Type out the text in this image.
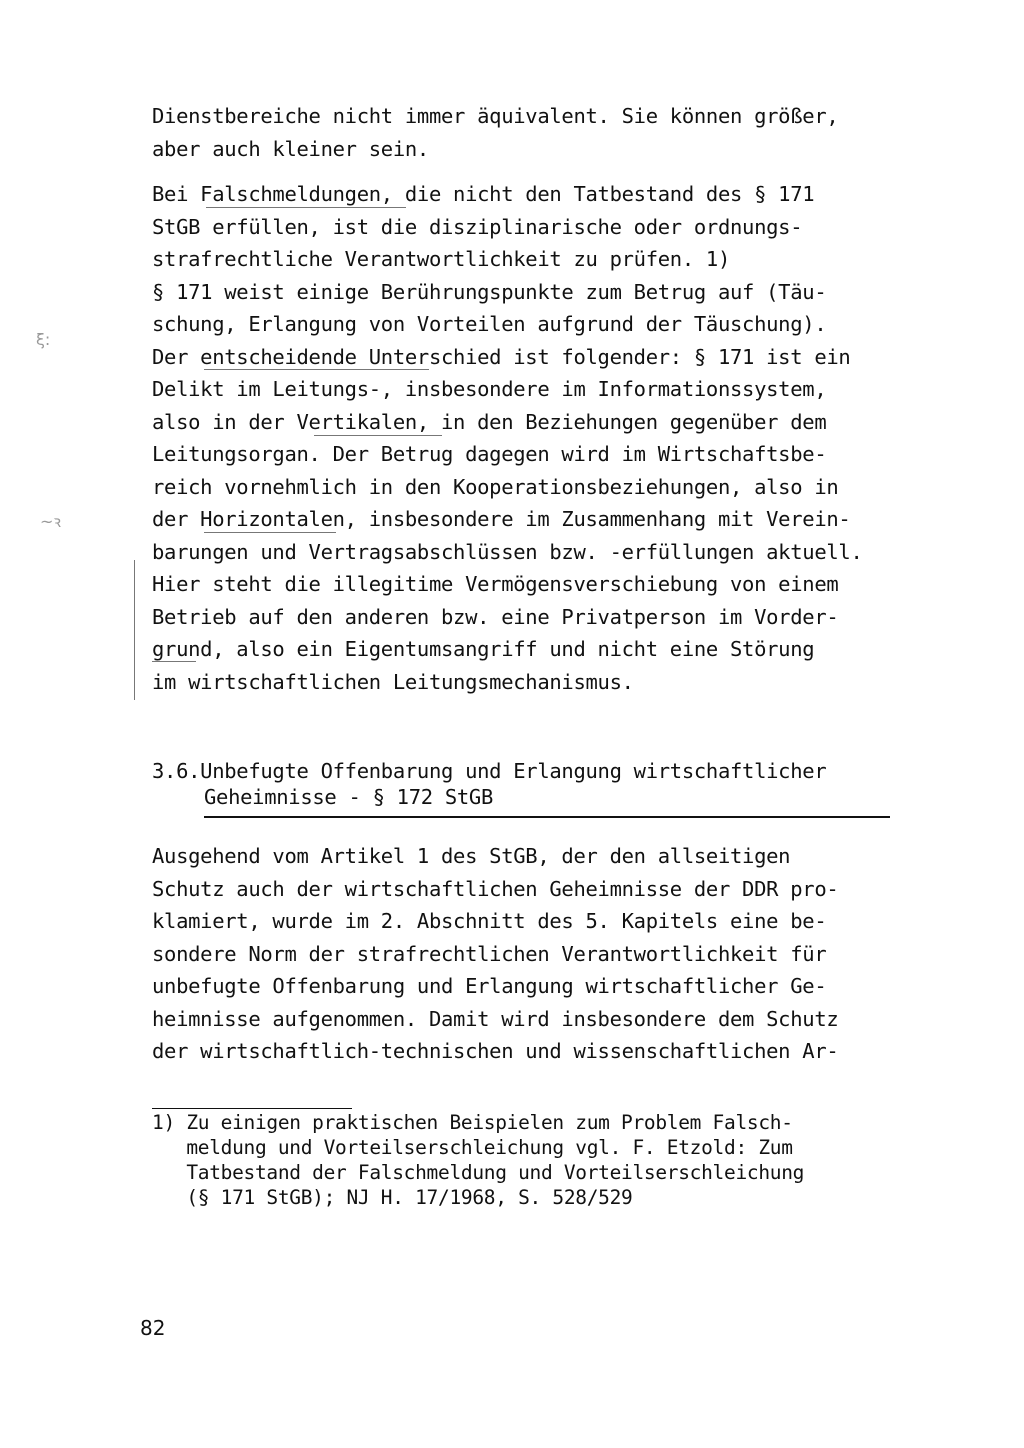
Dienstbereiche nicht immer äquivalent. Sie können größer,
aber auch kleiner sein.
Bei Falschmeldungen, die nicht den Tatbestand des § 171
StGB erfüllen, ist die disziplinarische oder ordnungs-
strafrechtliche Verantwortlichkeit zu prüfen. 1)
§ 171 weist einige Berührungspunkte zum Betrug auf (Täu-
schung, Erlangung von Vorteilen aufgrund der Täuschung).
Der entscheidende Unterschied ist folgender: § 171 ist ein
Delikt im Leitungs-, insbesondere im Informationssystem,
also in der Vertikalen, in den Beziehungen gegenüber dem
Leitungsorgan. Der Betrug dagegen wird im Wirtschaftsbe-
reich vornehmlich in den Kooperationsbeziehungen, also in
der Horizontalen, insbesondere im Zusammenhang mit Verein-
barungen und Vertragsabschlüssen bzw. -erfüllungen aktuell.
Hier steht die illegitime Vermögensverschiebung von einem
Betrieb auf den anderen bzw. eine Privatperson im Vorder-
grund, also ein Eigentumsangriff und nicht eine Störung
im wirtschaftlichen Leitungsmechanismus.
3.6.Unbefugte Offenbarung und Erlangung wirtschaftlicher
Geheimnisse - § 172 StGB
Ausgehend vom Artikel 1 des StGB, der den allseitigen
Schutz auch der wirtschaftlichen Geheimnisse der DDR pro-
klamiert, wurde im 2. Abschnitt des 5. Kapitels eine be-
sondere Norm der strafrechtlichen Verantwortlichkeit für
unbefugte Offenbarung und Erlangung wirtschaftlicher Ge-
heimnisse aufgenommen. Damit wird insbesondere dem Schutz
der wirtschaftlich-technischen und wissenschaftlichen Ar-
1) Zu einigen praktischen Beispielen zum Problem Falsch-
meldung und Vorteilserschleichung vgl. F. Etzold: Zum
Tatbestand der Falschmeldung und Vorteilserschleichung
(§ 171 StGB); NJ H. 17/1968, S. 528/529
82
ξ꞉
~ꝛ
